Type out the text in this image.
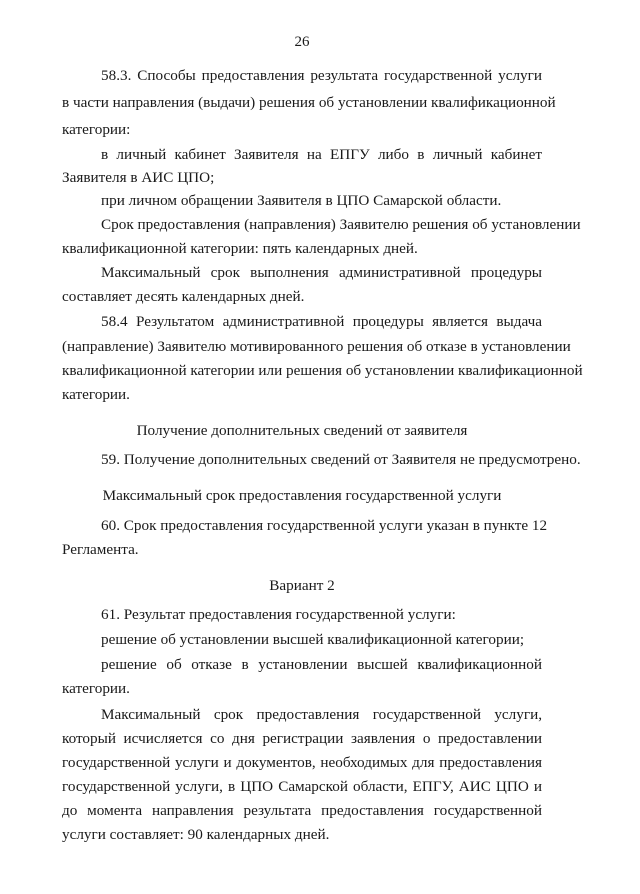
26
58.3. Способы предоставления результата государственной услуги
в части направления (выдачи) решения об установлении квалификационной
категории:
в личный кабинет Заявителя на ЕПГУ либо в личный кабинет
Заявителя в АИС ЦПО;
при личном обращении Заявителя в ЦПО Самарской области.
Срок предоставления (направления) Заявителю решения об установлении
квалификационной категории: пять календарных дней.
Максимальный срок выполнения административной процедуры
составляет десять календарных дней.
58.4 Результатом административной процедуры является выдача
(направление) Заявителю мотивированного решения об отказе в установлении
квалификационной категории или решения об установлении квалификационной
категории.
Получение дополнительных сведений от заявителя
59. Получение дополнительных сведений от Заявителя не предусмотрено.
Максимальный срок предоставления государственной услуги
60. Срок предоставления государственной услуги указан в пункте 12
Регламента.
Вариант 2
61. Результат предоставления государственной услуги:
решение об установлении высшей квалификационной категории;
решение об отказе в установлении высшей квалификационной
категории.
Максимальный срок предоставления государственной услуги,
который исчисляется со дня регистрации заявления о предоставлении
государственной услуги и документов, необходимых для предоставления
государственной услуги, в ЦПО Самарской области, ЕПГУ, АИС ЦПО и
до момента направления результата предоставления государственной
услуги составляет: 90 календарных дней.
